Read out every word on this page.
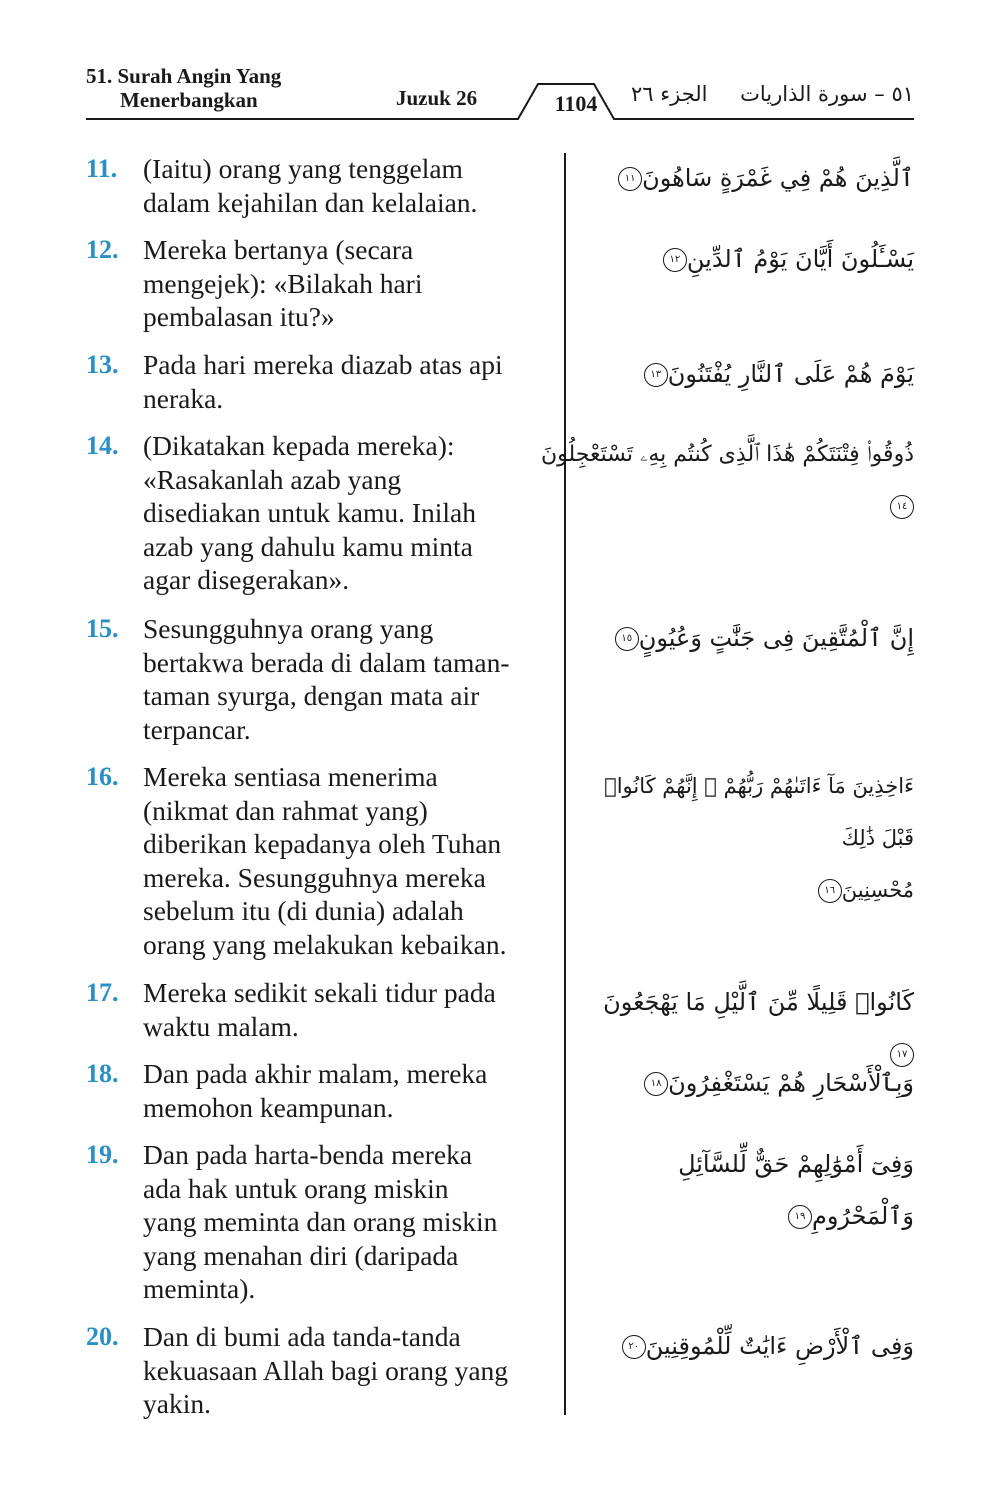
51. Surah Angin Yang
Menerbangkan	Juzuk 26	1104	الجزء ٢٦ ٥١ – سورة الذاريات
11. (Iaitu) orang yang tenggelam
dalam kejahilan dan kelalaian.
ٱلَّذِينَ هُمْ فِي غَمْرَةٍ سَاهُونَ١١
12. Mereka bertanya (secara
mengejek): «Bilakah hari
pembalasan itu?»
يَسْـَٔلُونَ أَيَّانَ يَوْمُ ٱلدِّينِ١٢
13. Pada hari mereka diazab atas api
neraka.
يَوْمَ هُمْ عَلَى ٱلنَّارِ يُفْتَنُونَ١٣
14. (Dikatakan kepada mereka):
«Rasakanlah azab yang
disediakan untuk kamu. Inilah
azab yang dahulu kamu minta
agar disegerakan».
ذُوقُوا۟ فِتْنَتَكُمْ هَٰذَا ٱلَّذِى كُنتُم بِهِۦ تَسْتَعْجِلُونَ١٤
15. Sesungguhnya orang yang
bertakwa berada di dalam taman-
taman syurga, dengan mata air
terpancar.
إِنَّ ٱلْمُتَّقِينَ فِى جَنَّٰتٍ وَعُيُونٍ١٥
16. Mereka sentiasa menerima
(nikmat dan rahmat yang)
diberikan kepadanya oleh Tuhan
mereka. Sesungguhnya mereka
sebelum itu (di dunia) adalah
orang yang melakukan kebaikan.
ءَاخِذِينَ مَآ ءَاتَىٰهُمْ رَبُّهُمْ ۚ إِنَّهُمْ كَانُوا۟ قَبْلَ ذَٰلِكَ
مُحْسِنِينَ١٦
17. Mereka sedikit sekali tidur pada
waktu malam.
كَانُوا۟ قَلِيلًا مِّنَ ٱلَّيْلِ مَا يَهْجَعُونَ١٧
18. Dan pada akhir malam, mereka
memohon keampunan.
وَبِٱلْأَسْحَارِ هُمْ يَسْتَغْفِرُونَ١٨
19. Dan pada harta-benda mereka
ada hak untuk orang miskin
yang meminta dan orang miskin
yang menahan diri (daripada
meminta).
وَفِىٓ أَمْوَٰلِهِمْ حَقٌّ لِّلسَّآئِلِ وَٱلْمَحْرُومِ١٩
20. Dan di bumi ada tanda-tanda
kekuasaan Allah bagi orang yang
yakin.
وَفِى ٱلْأَرْضِ ءَايَٰتٌ لِّلْمُوقِنِينَ٢٠
